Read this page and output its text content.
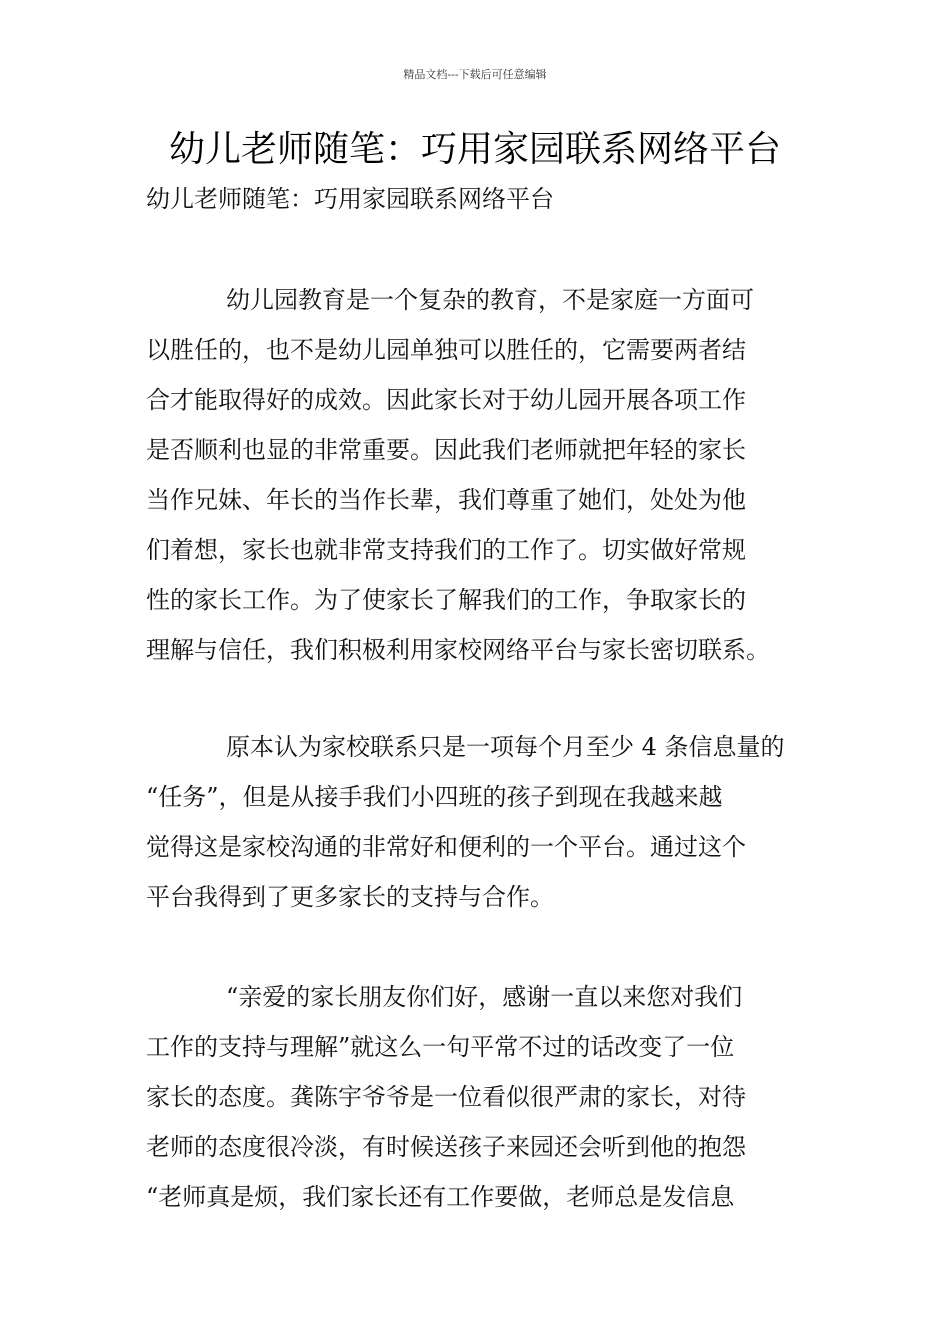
精品文档---下载后可任意编辑
幼儿老师随笔：巧用家园联系网络平台
幼儿老师随笔：巧用家园联系网络平台
幼儿园教育是一个复杂的教育，不是家庭一方面可
以胜任的，也不是幼儿园单独可以胜任的，它需要两者结
合才能取得好的成效。因此家长对于幼儿园开展各项工作
是否顺利也显的非常重要。因此我们老师就把年轻的家长
当作兄妹、年长的当作长辈，我们尊重了她们，处处为他
们着想，家长也就非常支持我们的工作了。切实做好常规
性的家长工作。为了使家长了解我们的工作，争取家长的
理解与信任，我们积极利用家校网络平台与家长密切联系。
原本认为家校联系只是一项每个月至少 4 条信息量的
“任务”，但是从接手我们小四班的孩子到现在我越来越
觉得这是家校沟通的非常好和便利的一个平台。通过这个
平台我得到了更多家长的支持与合作。
“亲爱的家长朋友你们好，感谢一直以来您对我们
工作的支持与理解”就这么一句平常不过的话改变了一位
家长的态度。龚陈宇爷爷是一位看似很严肃的家长，对待
老师的态度很冷淡，有时候送孩子来园还会听到他的抱怨
“老师真是烦，我们家长还有工作要做，老师总是发信息
